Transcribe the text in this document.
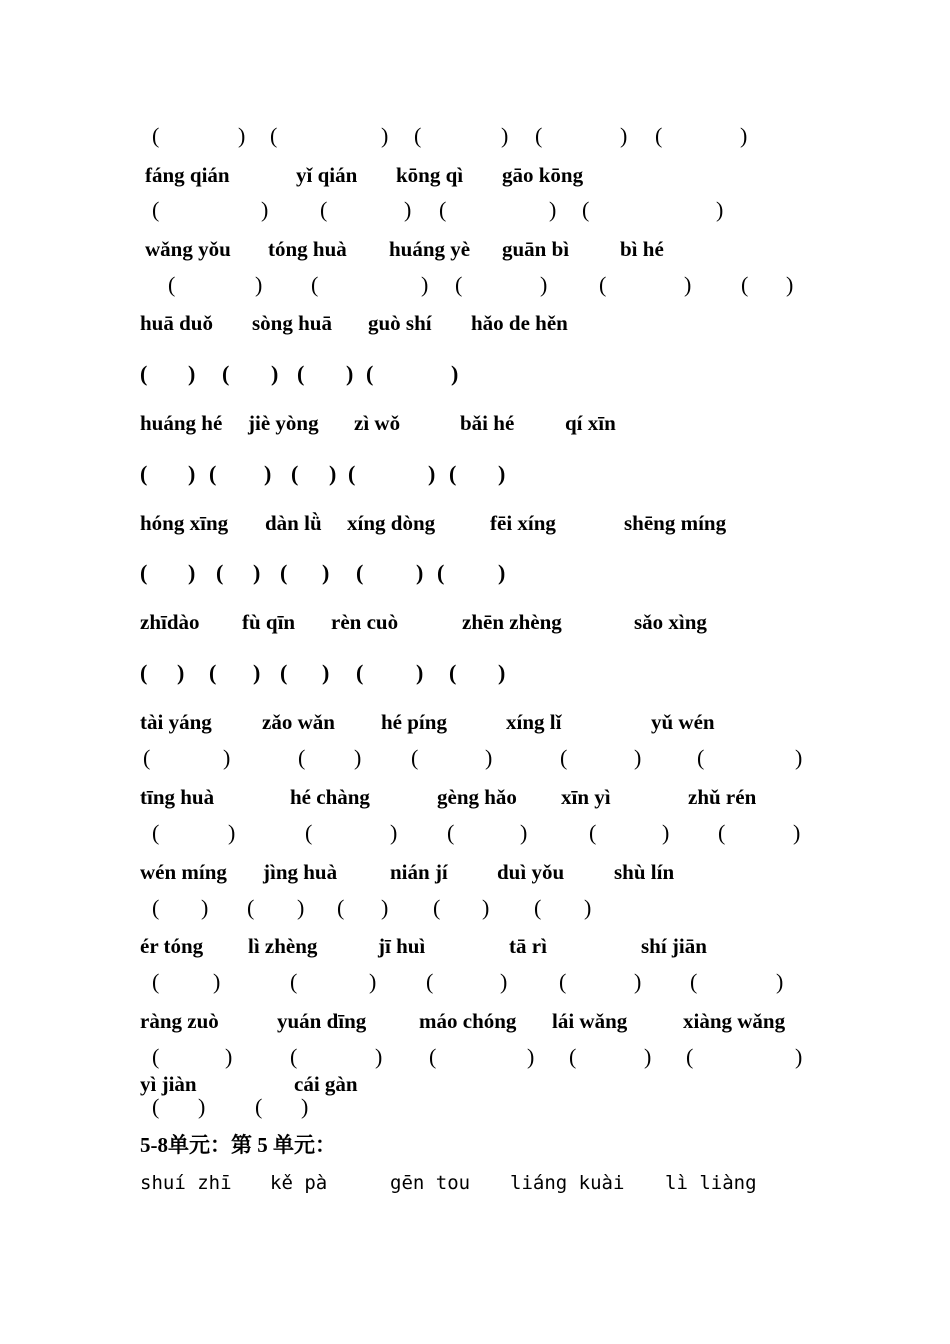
(	) (	) (	) (	) (	)
fáng qián	yǐ qián kōng qì gāo kōng
(	) (	) (	) (	)
wǎng yǒu tóng huà huáng yè guān bì bì hé
(	) (	) (	) (	) ( )
huā duǒ sòng huā guò shí hǎo de hěn
( ) ( ) ( ) (	)
huáng hé jiè yòng zì wǒ	bǎi hé qí xīn
( ) ( ) ( ) (	) ( )
hóng xīng dàn lǜ xíng dòng	fēi xíng	shēng míng
( ) ( ) ( ) ( ) ( )
zhīdào fù qīn rèn cuò	zhēn zhèng	sǎo xìng
( ) ( ) ( ) ( ) ( )
tài yáng zǎo wǎn hé píng	xíng lǐ	yǔ wén
(	)	( ) (	)	(	)	(	)
tīng huà	hé chàng	gèng hǎo xīn yì	zhǔ rén
(	)	(	) (	)	(	) (	)
wén míng jìng huà	nián jí duì yǒu shù lín
( ) ( ) ( ) ( ) ( )
ér tóng lì zhèng	jī huì	tā rì	shí jiān
( )	(	) (	) (	) (	)
ràng zuò	yuán dīng	máo chóng lái wǎng	xiàng wǎng
(	)	(	) (	) (	) (	)
yì jiàn	cái gàn
( ) ( )
5-8单元：第 5 单元：
shuí zhī kě pà	gēn tou liáng kuài lì liàng
